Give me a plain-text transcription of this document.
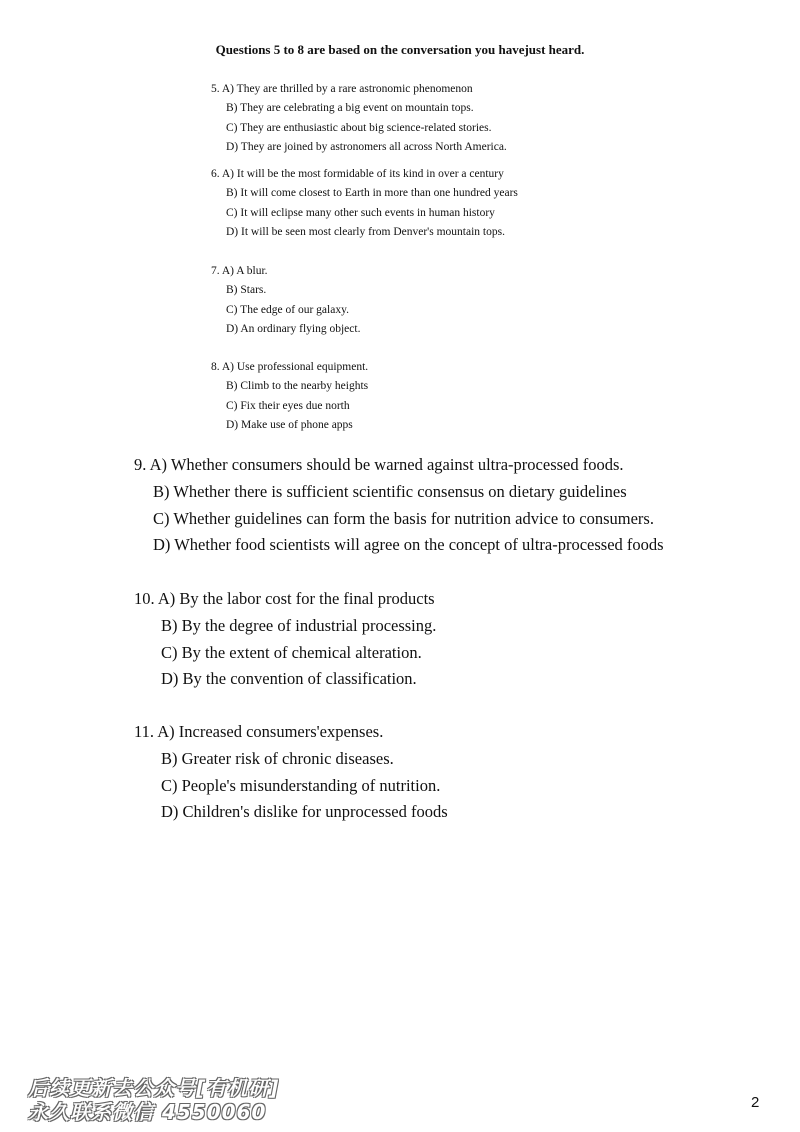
Questions 5 to 8 are based on the conversation you havejust heard.
5. A) They are thrilled by a rare astronomic phenomenon
B) They are celebrating a big event on mountain tops.
C) They are enthusiastic about big science-related stories.
D) They are joined by astronomers all across North America.
6. A) It will be the most formidable of its kind in over a century
B) It will come closest to Earth in more than one hundred years
C) It will eclipse many other such events in human history
D) It will be seen most clearly from Denver's mountain tops.
7. A) A blur.
B) Stars.
C) The edge of our galaxy.
D) An ordinary flying object.
8. A) Use professional equipment.
B) Climb to the nearby heights
C) Fix their eyes due north
D) Make use of phone apps
9. A) Whether consumers should be warned against ultra-processed foods.
B) Whether there is sufficient scientific consensus on dietary guidelines
C) Whether guidelines can form the basis for nutrition advice to consumers.
D) Whether food scientists will agree on the concept of ultra-processed foods
10. A) By the labor cost for the final products
B) By the degree of industrial processing.
C) By the extent of chemical alteration.
D) By the convention of classification.
11. A) Increased consumers'expenses.
B) Greater risk of chronic diseases.
C) People's misunderstanding of nutrition.
D) Children's dislike for unprocessed foods
后续更新去公众号[有机研]
永久联系微信 4550060	2
